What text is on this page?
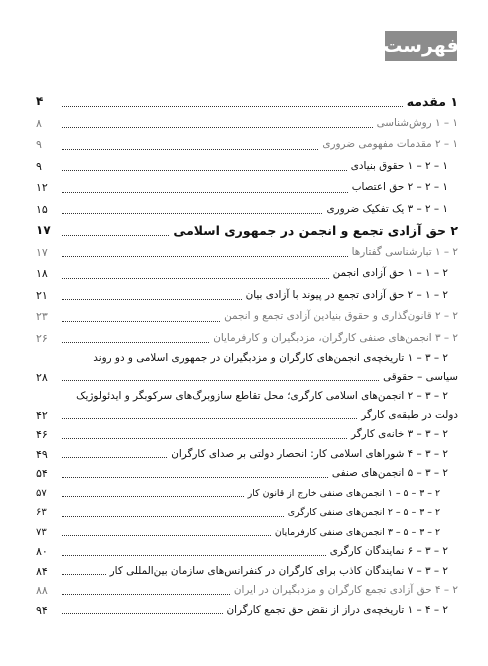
فهرست
۱ مقدمه
۴
۱ – ۱ روش‌شناسی
۸
۱ – ۲ مقدمات مفهومی ضروری
۹
۱ – ۲ – ۱ حقوق بنیادی
۹
۱ – ۲ – ۲ حق اعتصاب
۱۲
۱ – ۲ – ۳ یک تفکیک ضروری
۱۵
۲ حق آزادی تجمع و انجمن در جمهوری اسلامی
۱۷
۲ – ۱ تبارشناسی گفتارها
۱۷
۲ – ۱ – ۱ حق آزادی انجمن
۱۸
۲ – ۱ – ۲ حق آزادی تجمع در پیوند با آزادی بیان
۲۱
۲ – ۲ قانون‌گذاری و حقوق بنیادین آزادی تجمع و انجمن
۲۳
۲ – ۳ انجمن‌های صنفی کارگران، مزدبگیران و کارفرمایان
۲۶
۲ – ۳ – ۱ تاریخچه‌ی انجمن‌های کارگران و مزدبگیران در جمهوری اسلامی و دو روند
سیاسی – حقوقی
۲۸
۲ – ۳ – ۲ انجمن‌های اسلامی کارگری؛ محل تقاطع سازوبرگ‌های سرکوبگر و ایدئولوژیک
دولت در طبقه‌ی کارگر
۴۲
۲ – ۳ – ۳ خانه‌ی کارگر
۴۶
۲ – ۳ – ۴ شوراهای اسلامی کار: انحصار دولتی بر صدای کارگران
۴۹
۲ – ۳ – ۵ انجمن‌های صنفی
۵۴
۲ – ۳ – ۵ – ۱ انجمن‌های صنفی خارج از قانون کار
۵۷
۲ – ۳ – ۵ – ۲ انجمن‌های صنفی کارگری
۶۳
۲ – ۳ – ۵ – ۳ انجمن‌های صنفی کارفرمایان
۷۳
۲ – ۳ – ۶ نمایندگان کارگری
۸۰
۲ – ۳ – ۷ نمایندگان کاذب برای کارگران در کنفرانس‌های سازمان بین‌المللی کار
۸۴
۲ – ۴ حق آزادی تجمع کارگران و مزدبگیران در ایران
۸۸
۲ – ۴ – ۱ تاریخچه‌ی دراز از نقض حق تجمع کارگران
۹۴
